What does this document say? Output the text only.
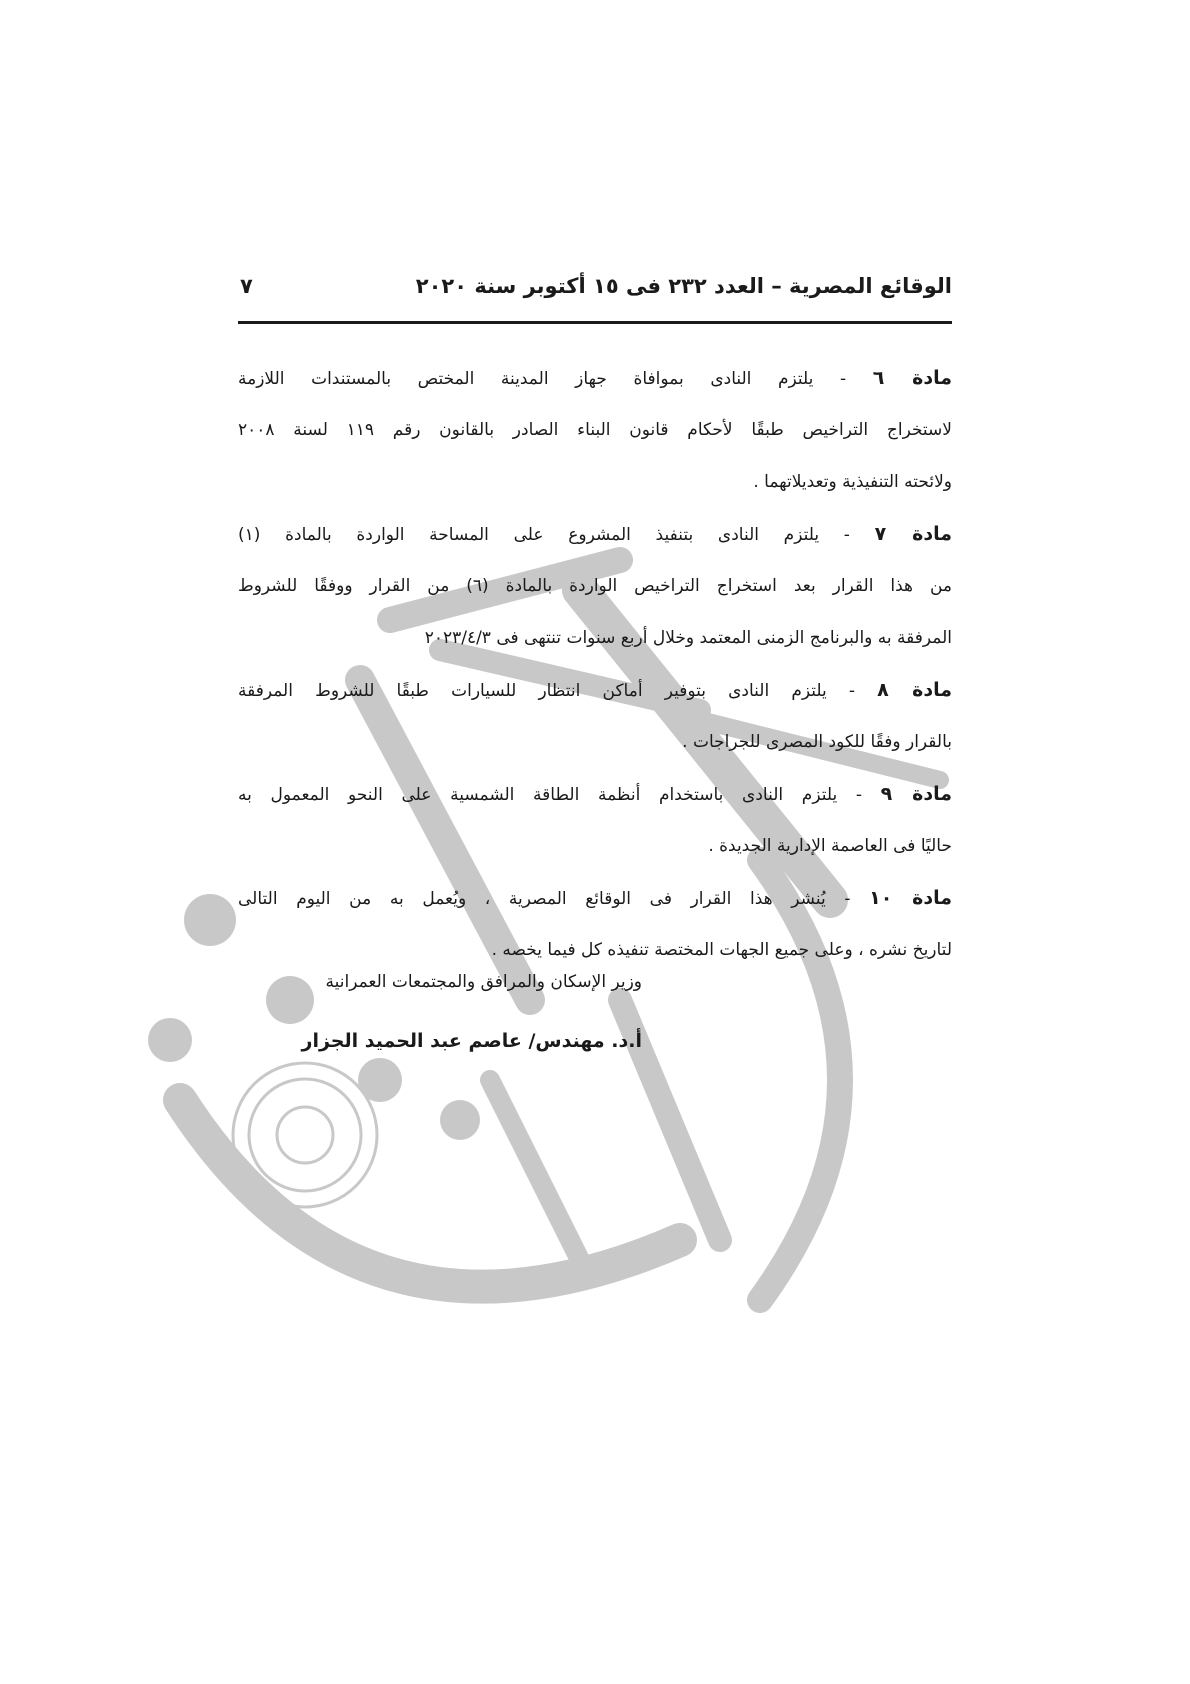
الوقائع المصرية – العدد ٢٣٢ فى ١٥ أكتوبر سنة ٢٠٢٠
٧
مادة ٦ - يلتزم النادى بموافاة جهاز المدينة المختص بالمستندات اللازمة
لاستخراج التراخيص طبقًا لأحكام قانون البناء الصادر بالقانون رقم ١١٩ لسنة ٢٠٠٨
ولائحته التنفيذية وتعديلاتهما .
مادة ٧ - يلتزم النادى بتنفيذ المشروع على المساحة الواردة بالمادة (١)
من هذا القرار بعد استخراج التراخيص الواردة بالمادة (٦) من القرار ووفقًا للشروط
المرفقة به والبرنامج الزمنى المعتمد وخلال أربع سنوات تنتهى فى ٢٠٢٣/٤/٣
مادة ٨ - يلتزم النادى بتوفير أماكن انتظار للسيارات طبقًا للشروط المرفقة
بالقرار وفقًا للكود المصرى للجراجات .
مادة ٩ - يلتزم النادى باستخدام أنظمة الطاقة الشمسية على النحو المعمول به
حاليًا فى العاصمة الإدارية الجديدة .
مادة ١٠ - يُنشر هذا القرار فى الوقائع المصرية ، ويُعمل به من اليوم التالى
لتاريخ نشره ، وعلى جميع الجهات المختصة تنفيذه كل فيما يخصه .
وزير الإسكان والمرافق والمجتمعات العمرانية
أ.د. مهندس/ عاصم عبد الحميد الجزار
